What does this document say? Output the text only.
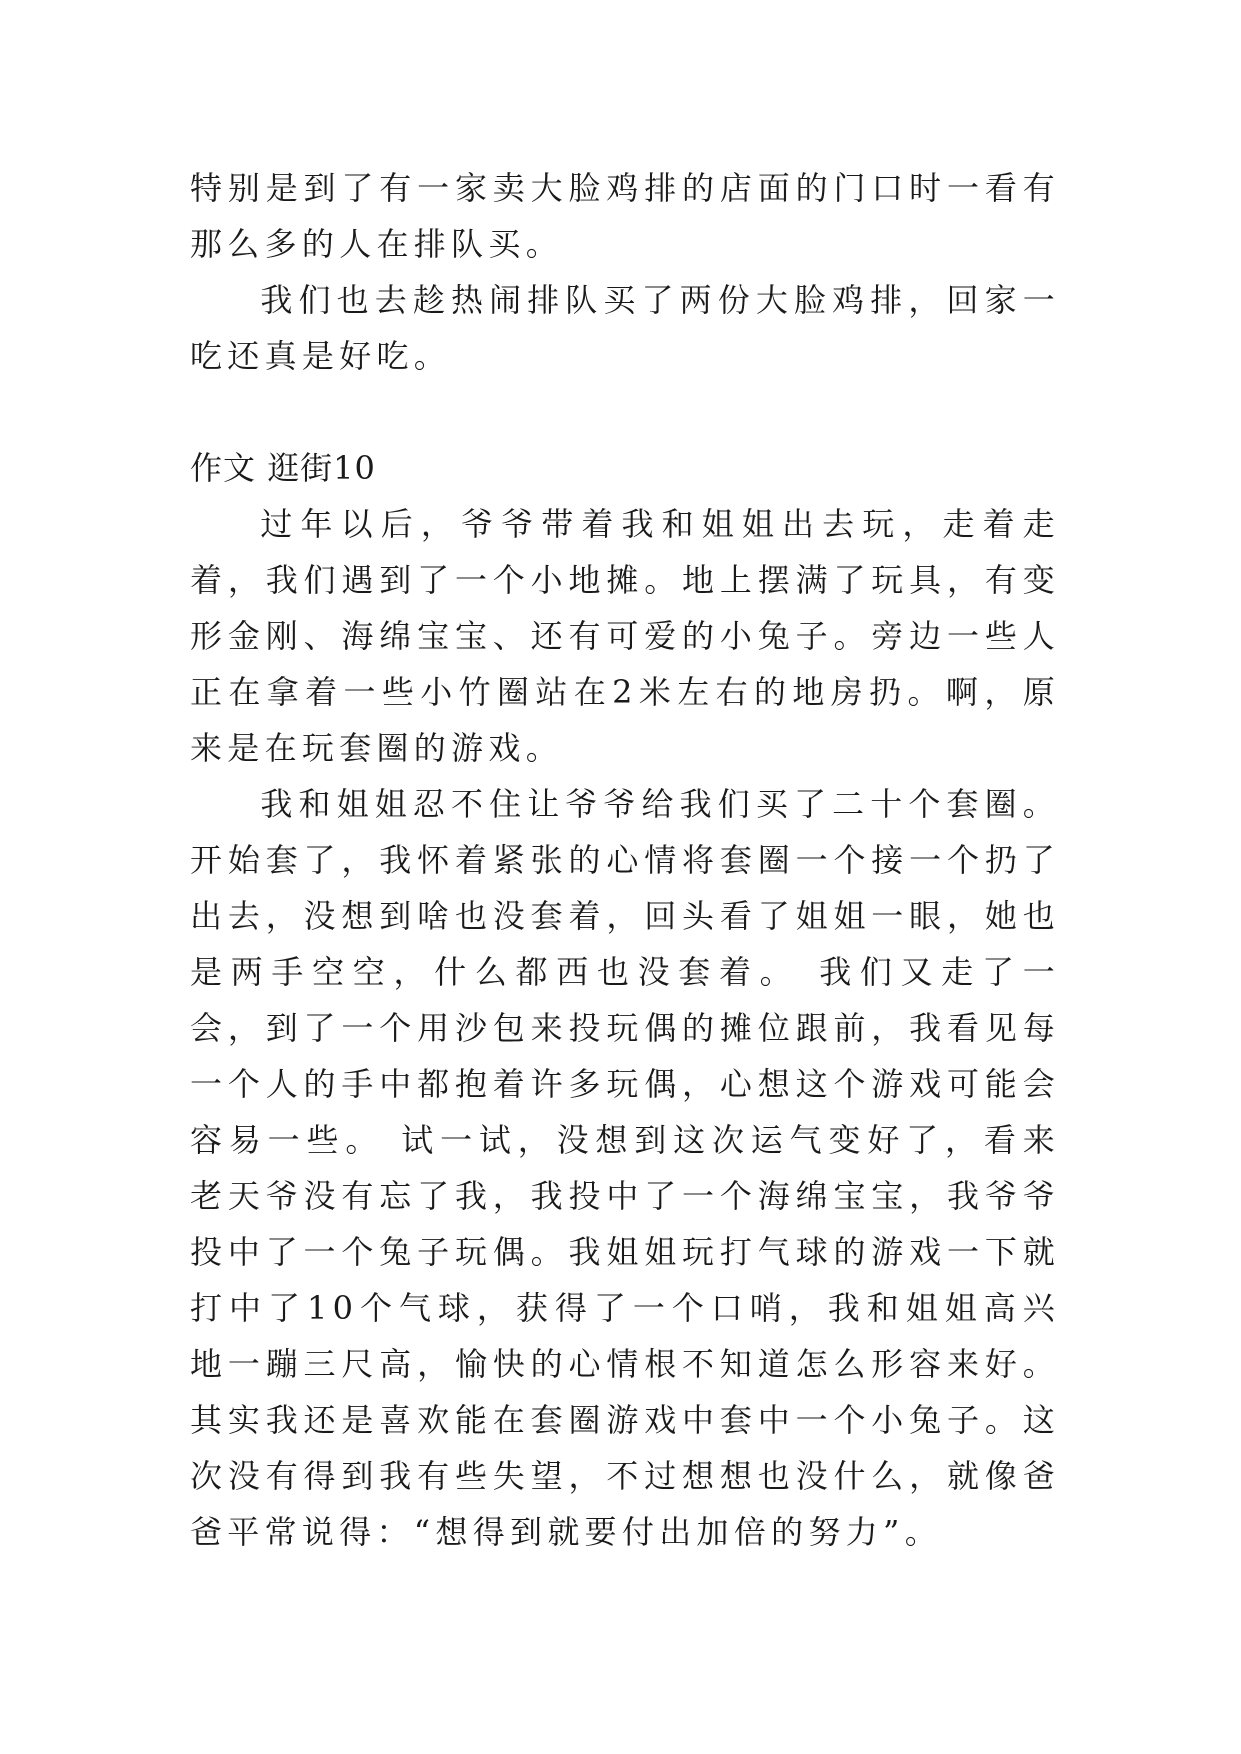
特别是到了有一家卖大脸鸡排的店面的门口时一看有那么多的人在排队买。

我们也去趁热闹排队买了两份大脸鸡排，回家一吃还真是好吃。

作文 逛街10

过年以后，爷爷带着我和姐姐出去玩，走着走着，我们遇到了一个小地摊。地上摆满了玩具，有变形金刚、海绵宝宝、还有可爱的小兔子。旁边一些人正在拿着一些小竹圈站在2米左右的地房扔。啊，原来是在玩套圈的游戏。

我和姐姐忍不住让爷爷给我们买了二十个套圈。开始套了，我怀着紧张的心情将套圈一个接一个扔了出去，没想到啥也没套着，回头看了姐姐一眼，她也是两手空空，什么都西也没套着。 我们又走了一会，到了一个用沙包来投玩偶的摊位跟前，我看见每一个人的手中都抱着许多玩偶，心想这个游戏可能会容易一些。 试一试，没想到这次运气变好了，看来老天爷没有忘了我，我投中了一个海绵宝宝，我爷爷投中了一个兔子玩偶。我姐姐玩打气球的游戏一下就打中了10个气球，获得了一个口哨，我和姐姐高兴地一蹦三尺高，愉快的心情根不知道怎么形容来好。其实我还是喜欢能在套圈游戏中套中一个小兔子。这次没有得到我有些失望，不过想想也没什么，就像爸爸平常说得：“想得到就要付出加倍的努力”。
